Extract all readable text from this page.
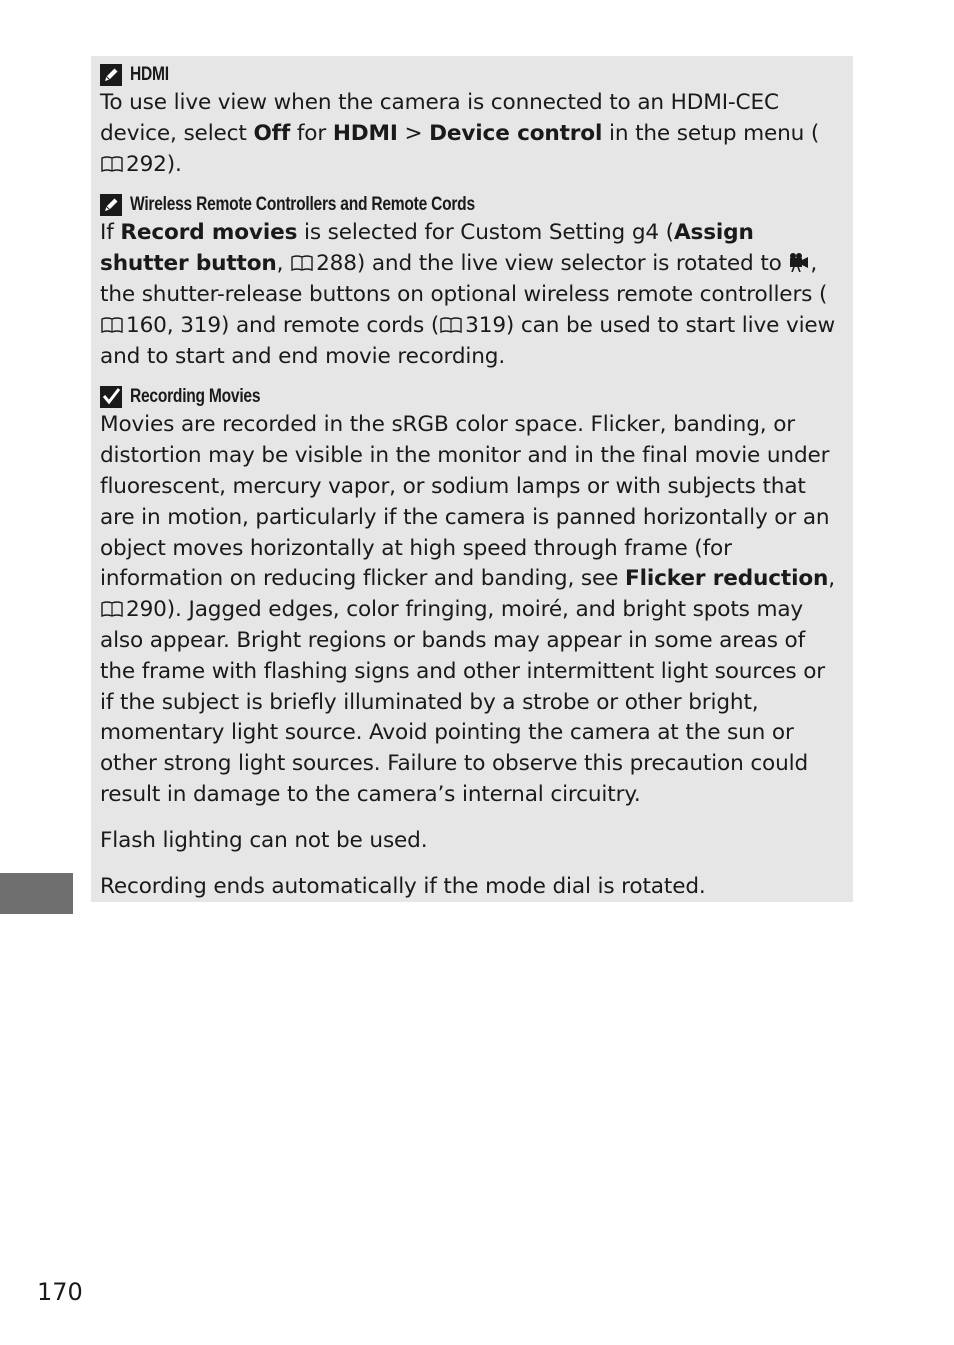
HDMI

To use live view when the camera is connected to an HDMI-CEC device, select Off for HDMI > Device control in the setup menu (292).

Wireless Remote Controllers and Remote Cords

If Record movies is selected for Custom Setting g4 (Assign shutter button, 288) and the live view selector is rotated to , the shutter-release buttons on optional wireless remote controllers (160, 319) and remote cords ( 319) can be used to start live view and to start and end movie recording.

Recording Movies

Movies are recorded in the sRGB color space. Flicker, banding, or distortion may be visible in the monitor and in the final movie under fluorescent, mercury vapor, or sodium lamps or with subjects that are in motion, particularly if the camera is panned horizontally or an object moves horizontally at high speed through frame (for information on reducing flicker and banding, see Flicker reduction, 290). Jagged edges, color fringing, moiré, and bright spots may also appear. Bright regions or bands may appear in some areas of the frame with flashing signs and other intermittent light sources or if the subject is briefly illuminated by a strobe or other bright, momentary light source. Avoid pointing the camera at the sun or other strong light sources. Failure to observe this precaution could result in damage to the camera’s internal circuitry.

Flash lighting can not be used.

Recording ends automatically if the mode dial is rotated.

170
